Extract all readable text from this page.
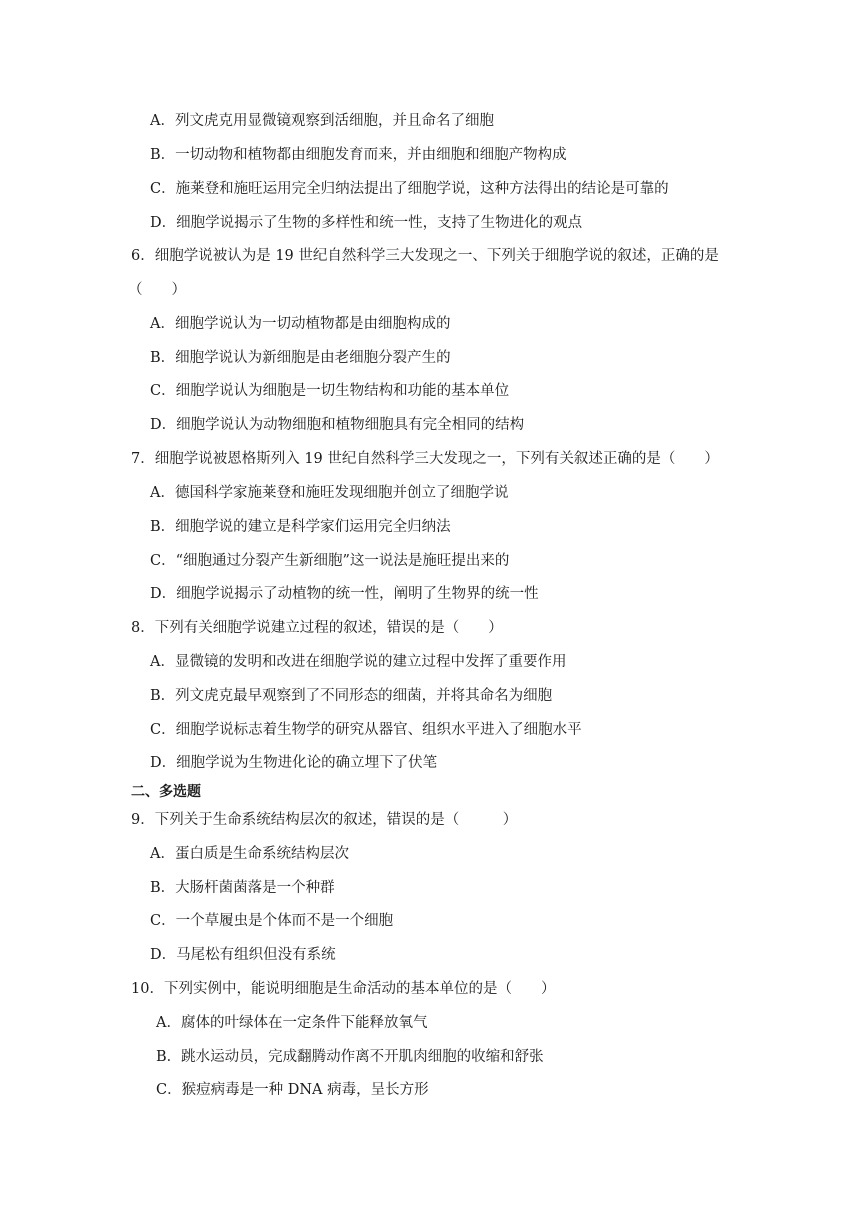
A．列文虎克用显微镜观察到活细胞，并且命名了细胞
B．一切动物和植物都由细胞发育而来，并由细胞和细胞产物构成
C．施莱登和施旺运用完全归纳法提出了细胞学说，这种方法得出的结论是可靠的
D．细胞学说揭示了生物的多样性和统一性，支持了生物进化的观点
6．细胞学说被认为是 19 世纪自然科学三大发现之一、下列关于细胞学说的叙述，正确的是
（　　）
A．细胞学说认为一切动植物都是由细胞构成的
B．细胞学说认为新细胞是由老细胞分裂产生的
C．细胞学说认为细胞是一切生物结构和功能的基本单位
D．细胞学说认为动物细胞和植物细胞具有完全相同的结构
7．细胞学说被恩格斯列入 19 世纪自然科学三大发现之一，下列有关叙述正确的是（　　）
A．德国科学家施莱登和施旺发现细胞并创立了细胞学说
B．细胞学说的建立是科学家们运用完全归纳法
C．“细胞通过分裂产生新细胞”这一说法是施旺提出来的
D．细胞学说揭示了动植物的统一性，阐明了生物界的统一性
8．下列有关细胞学说建立过程的叙述，错误的是（　　）
A．显微镜的发明和改进在细胞学说的建立过程中发挥了重要作用
B．列文虎克最早观察到了不同形态的细菌，并将其命名为细胞
C．细胞学说标志着生物学的研究从器官、组织水平进入了细胞水平
D．细胞学说为生物进化论的确立埋下了伏笔
二、多选题
9．下列关于生命系统结构层次的叙述，错误的是（　　　）
A．蛋白质是生命系统结构层次
B．大肠杆菌菌落是一个种群
C．一个草履虫是个体而不是一个细胞
D．马尾松有组织但没有系统
10．下列实例中，能说明细胞是生命活动的基本单位的是（　　）
A．腐体的叶绿体在一定条件下能释放氧气
B．跳水运动员，完成翻腾动作离不开肌肉细胞的收缩和舒张
C．猴痘病毒是一种 DNA 病毒，呈长方形
